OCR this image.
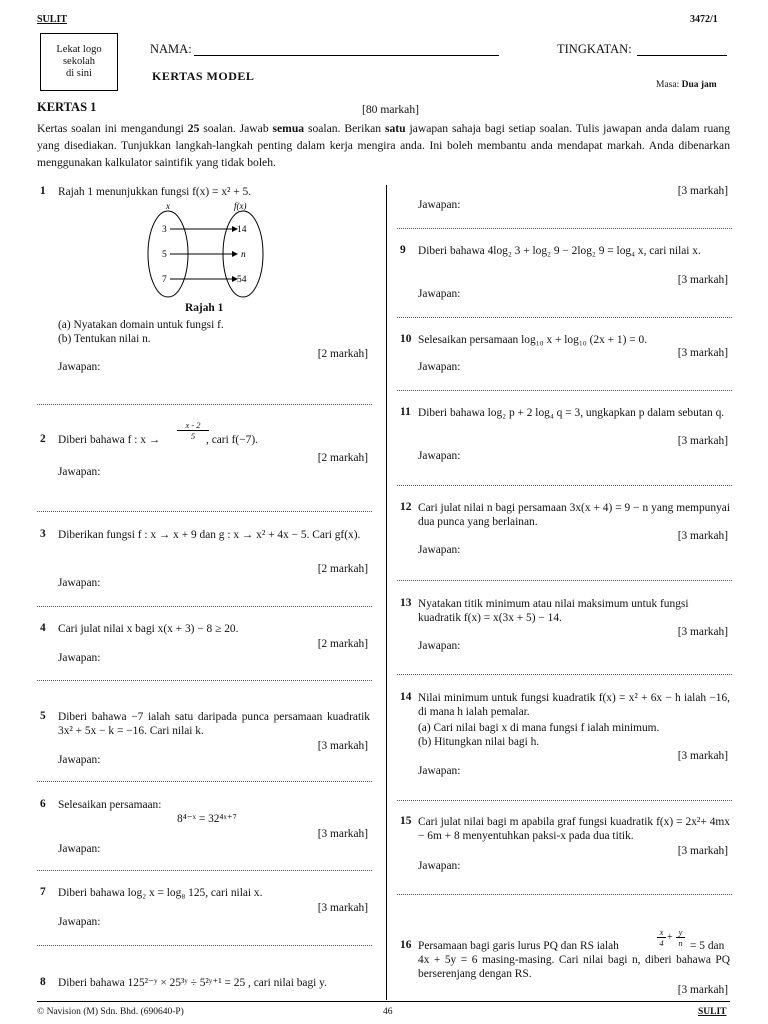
SULIT	3472/1
Lekat logo
sekolah
di sini
NAMA:	TINGKATAN:
KERTAS MODEL
Masa: Dua jam
KERTAS 1	[80 markah]
Kertas soalan ini mengandungi 25 soalan. Jawab semua soalan. Berikan satu jawapan sahaja bagi setiap soalan. Tulis jawapan anda dalam ruang yang disediakan. Tunjukkan langkah-langkah penting dalam kerja mengira anda. Ini boleh membantu anda mendapat markah. Anda dibenarkan menggunakan kalkulator saintifik yang tidak boleh.
1 Rajah 1 menunjukkan fungsi f(x) = x² + 5.
x	f(x)
3
5
7
14
n
54
Rajah 1
(a) Nyatakan domain untuk fungsi f.
(b) Tentukan nilai n.
[2 markah]
Jawapan:
2 Diberi bahawa f : $x \to \frac{x - 2}{5}$
, cari f(−7).
[2 markah]
Jawapan:
3 Diberikan fungsi f : x → x + 9 dan g : x → x² + 4x − 5. Cari gf(x).
[2 markah]
Jawapan:
4 Cari julat nilai x bagi x(x + 3) − 8 ≥ 20.
[2 markah]
Jawapan:
5 Diberi bahawa −7 ialah satu daripada punca persamaan kuadratik 3x² + 5x − k = −16. Cari nilai k.
[3 markah]
Jawapan:
6 Selesaikan persamaan:
8⁴⁻ˣ = 32⁴ˣ⁺⁷
[3 markah]
Jawapan:
7 Diberi bahawa log₂ x = log₈ 125, cari nilai x.
[3 markah]
Jawapan:
8 Diberi bahawa 125²⁻ʸ × 25³ʸ ÷ 5²ʸ⁺¹ = 25 , cari nilai bagi y.
[3 markah]
Jawapan:
9 Diberi bahawa 4log₂ 3 + log₂ 9 − 2log₂ 9 = log₄ x, cari nilai x.
[3 markah]
Jawapan:
10 Selesaikan persamaan log₁₀ x + log₁₀ (2x + 1) = 0.
[3 markah]
Jawapan:
11 Diberi bahawa log₂ p + 2 log₄ q = 3, ungkapkan p dalam sebutan q.
[3 markah]
Jawapan:
12 Cari julat nilai n bagi persamaan 3x(x + 4) = 9 − n yang mempunyai dua punca yang berlainan.
[3 markah]
Jawapan:
13 Nyatakan titik minimum atau nilai maksimum untuk fungsi kuadratik f(x) = x(3x + 5) − 14.
[3 markah]
Jawapan:
14 Nilai minimum untuk fungsi kuadratik f(x) = x² + 6x − h ialah −16, di mana h ialah pemalar.
(a) Cari nilai bagi x di mana fungsi f ialah minimum.
(b) Hitungkan nilai bagi h.
[3 markah]
Jawapan:
15 Cari julat nilai bagi m apabila graf fungsi kuadratik f(x) = 2x²+ 4mx − 6m + 8 menyentuhkan paksi-x pada dua titik.
[3 markah]
Jawapan:
16 Persamaan bagi garis lurus PQ dan RS ialah	$\frac{x}{4} + \frac{y}{n} = 5$ dan
4x + 5y = 6 masing-masing. Cari nilai bagi n, diberi bahawa PQ berserenjang dengan RS.
[3 markah]
© Navision (M) Sdn. Bhd. (690640-P)	46	SULIT
